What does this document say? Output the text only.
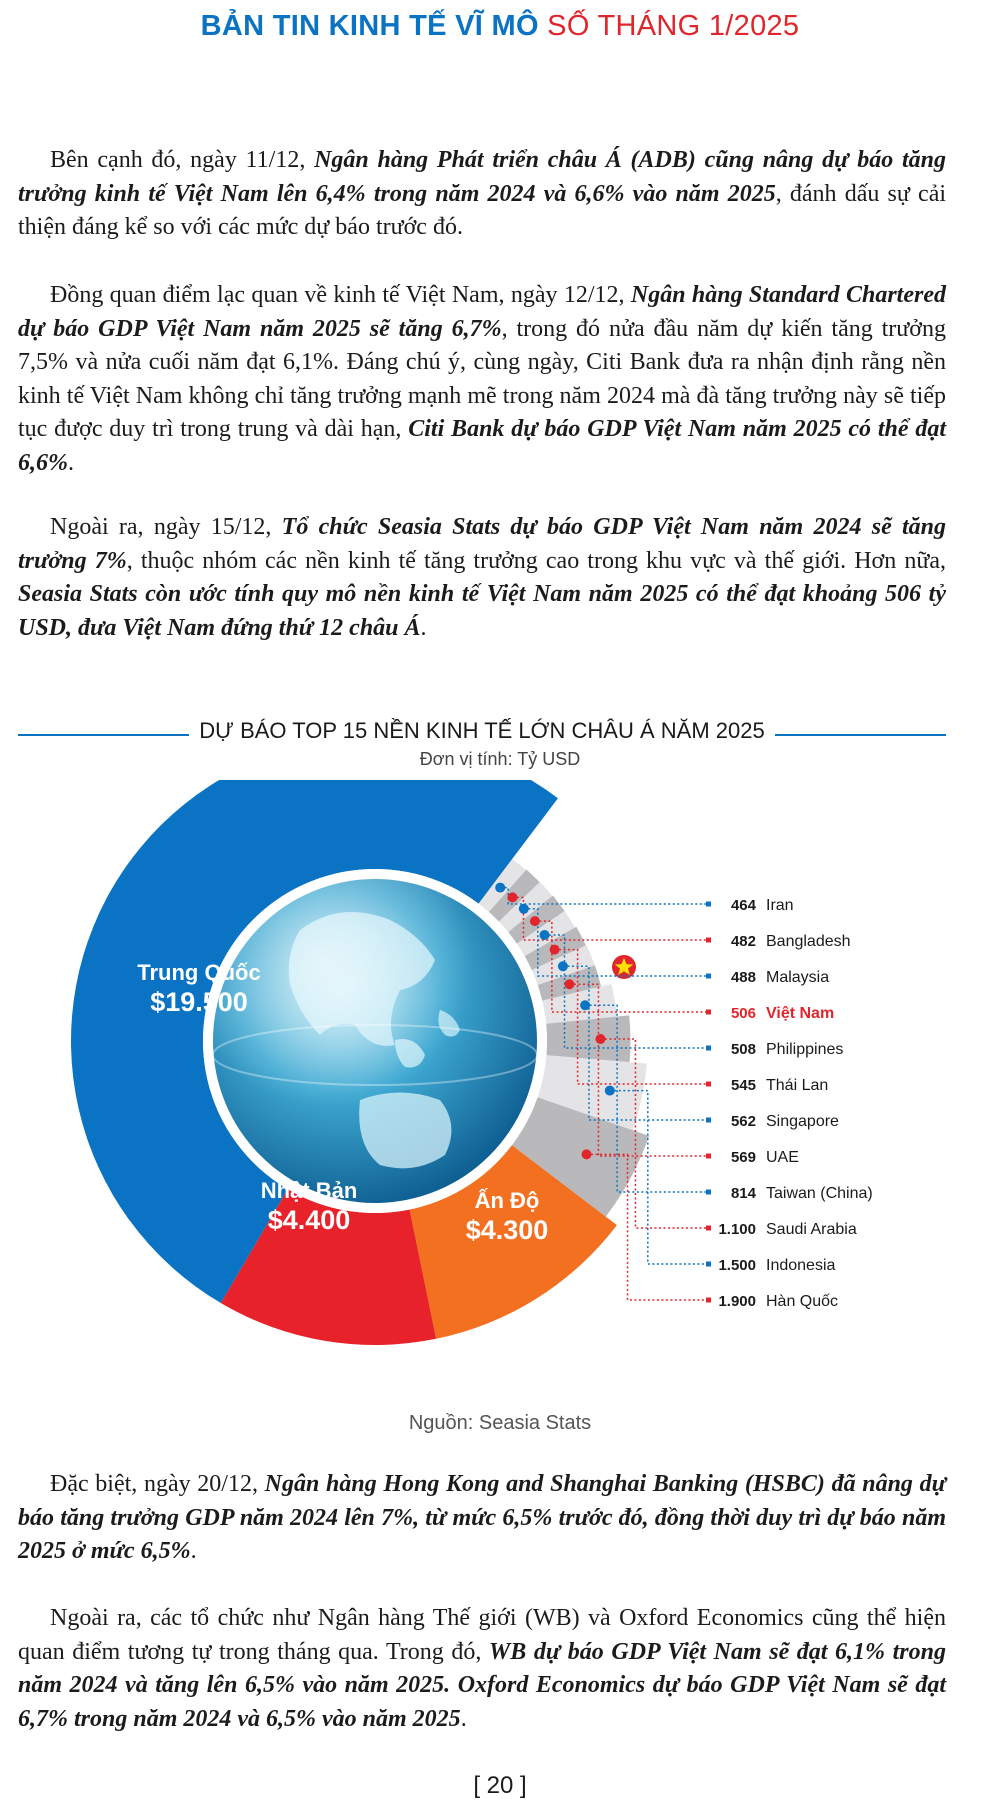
BẢN TIN KINH TẾ VĨ MÔ SỐ THÁNG 1/2025

Bên cạnh đó, ngày 11/12, Ngân hàng Phát triển châu Á (ADB) cũng nâng dự báo tăng trưởng kinh tế Việt Nam lên 6,4% trong năm 2024 và 6,6% vào năm 2025, đánh dấu sự cải thiện đáng kể so với các mức dự báo trước đó.

Đồng quan điểm lạc quan về kinh tế Việt Nam, ngày 12/12, Ngân hàng Standard Chartered dự báo GDP Việt Nam năm 2025 sẽ tăng 6,7%, trong đó nửa đầu năm dự kiến tăng trưởng 7,5% và nửa cuối năm đạt 6,1%. Đáng chú ý, cùng ngày, Citi Bank đưa ra nhận định rằng nền kinh tế Việt Nam không chỉ tăng trưởng mạnh mẽ trong năm 2024 mà đà tăng trưởng này sẽ tiếp tục được duy trì trong trung và dài hạn, Citi Bank dự báo GDP Việt Nam năm 2025 có thể đạt 6,6%.

Ngoài ra, ngày 15/12, Tổ chức Seasia Stats dự báo GDP Việt Nam năm 2024 sẽ tăng trưởng 7%, thuộc nhóm các nền kinh tế tăng trưởng cao trong khu vực và thế giới. Hơn nữa, Seasia Stats còn ước tính quy mô nền kinh tế Việt Nam năm 2025 có thể đạt khoảng 506 tỷ USD, đưa Việt Nam đứng thứ 12 châu Á.

DỰ BÁO TOP 15 NỀN KINH TẾ LỚN CHÂU Á NĂM 2025
Đơn vị tính: Tỷ USD
Trung Quốc
$19.500
Nhật Bản
$4.400
Ấn Độ
$4.300
464 Iran
482 Bangladesh
488 Malaysia
506 Việt Nam
508 Philippines
545 Thái Lan
562 Singapore
569 UAE
814 Taiwan (China)
1.100 Saudi Arabia
1.500 Indonesia
1.900 Hàn Quốc
Nguồn: Seasia Stats

Đặc biệt, ngày 20/12, Ngân hàng Hong Kong and Shanghai Banking (HSBC) đã nâng dự báo tăng trưởng GDP năm 2024 lên 7%, từ mức 6,5% trước đó, đồng thời duy trì dự báo năm 2025 ở mức 6,5%.

Ngoài ra, các tổ chức như Ngân hàng Thế giới (WB) và Oxford Economics cũng thể hiện quan điểm tương tự trong tháng qua. Trong đó, WB dự báo GDP Việt Nam sẽ đạt 6,1% trong năm 2024 và tăng lên 6,5% vào năm 2025. Oxford Economics dự báo GDP Việt Nam sẽ đạt 6,7% trong năm 2024 và 6,5% vào năm 2025.

[ 20 ]
